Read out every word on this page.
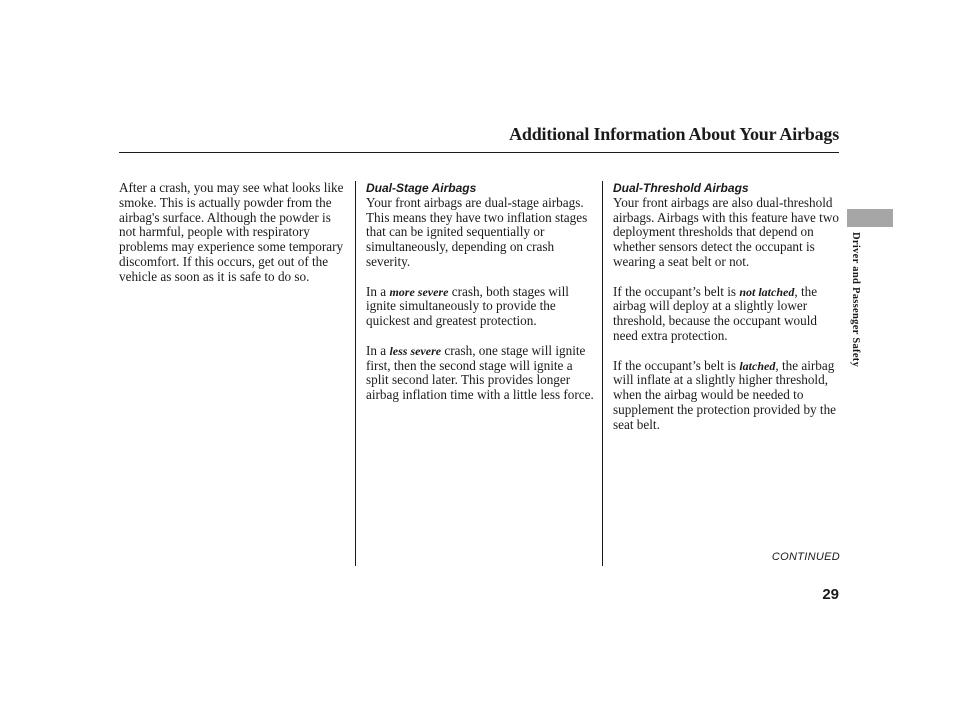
Additional Information About Your Airbags

After a crash, you may see what looks like smoke. This is actually powder from the airbag's surface. Although the powder is not harmful, people with respiratory problems may experience some temporary discomfort. If this occurs, get out of the vehicle as soon as it is safe to do so.

Dual-Stage Airbags

Your front airbags are dual-stage airbags. This means they have two inflation stages that can be ignited sequentially or simultaneously, depending on crash severity.

In a more severe crash, both stages will ignite simultaneously to provide the quickest and greatest protection.

In a less severe crash, one stage will ignite first, then the second stage will ignite a split second later. This provides longer airbag inflation time with a little less force.

Dual-Threshold Airbags

Your front airbags are also dual-threshold airbags. Airbags with this feature have two deployment thresholds that depend on whether sensors detect the occupant is wearing a seat belt or not.

If the occupant’s belt is not latched, the airbag will deploy at a slightly lower threshold, because the occupant would need extra protection.

If the occupant’s belt is latched, the airbag will inflate at a slightly higher threshold, when the airbag would be needed to supplement the protection provided by the seat belt.

Driver and Passenger Safety
CONTINUED
29
